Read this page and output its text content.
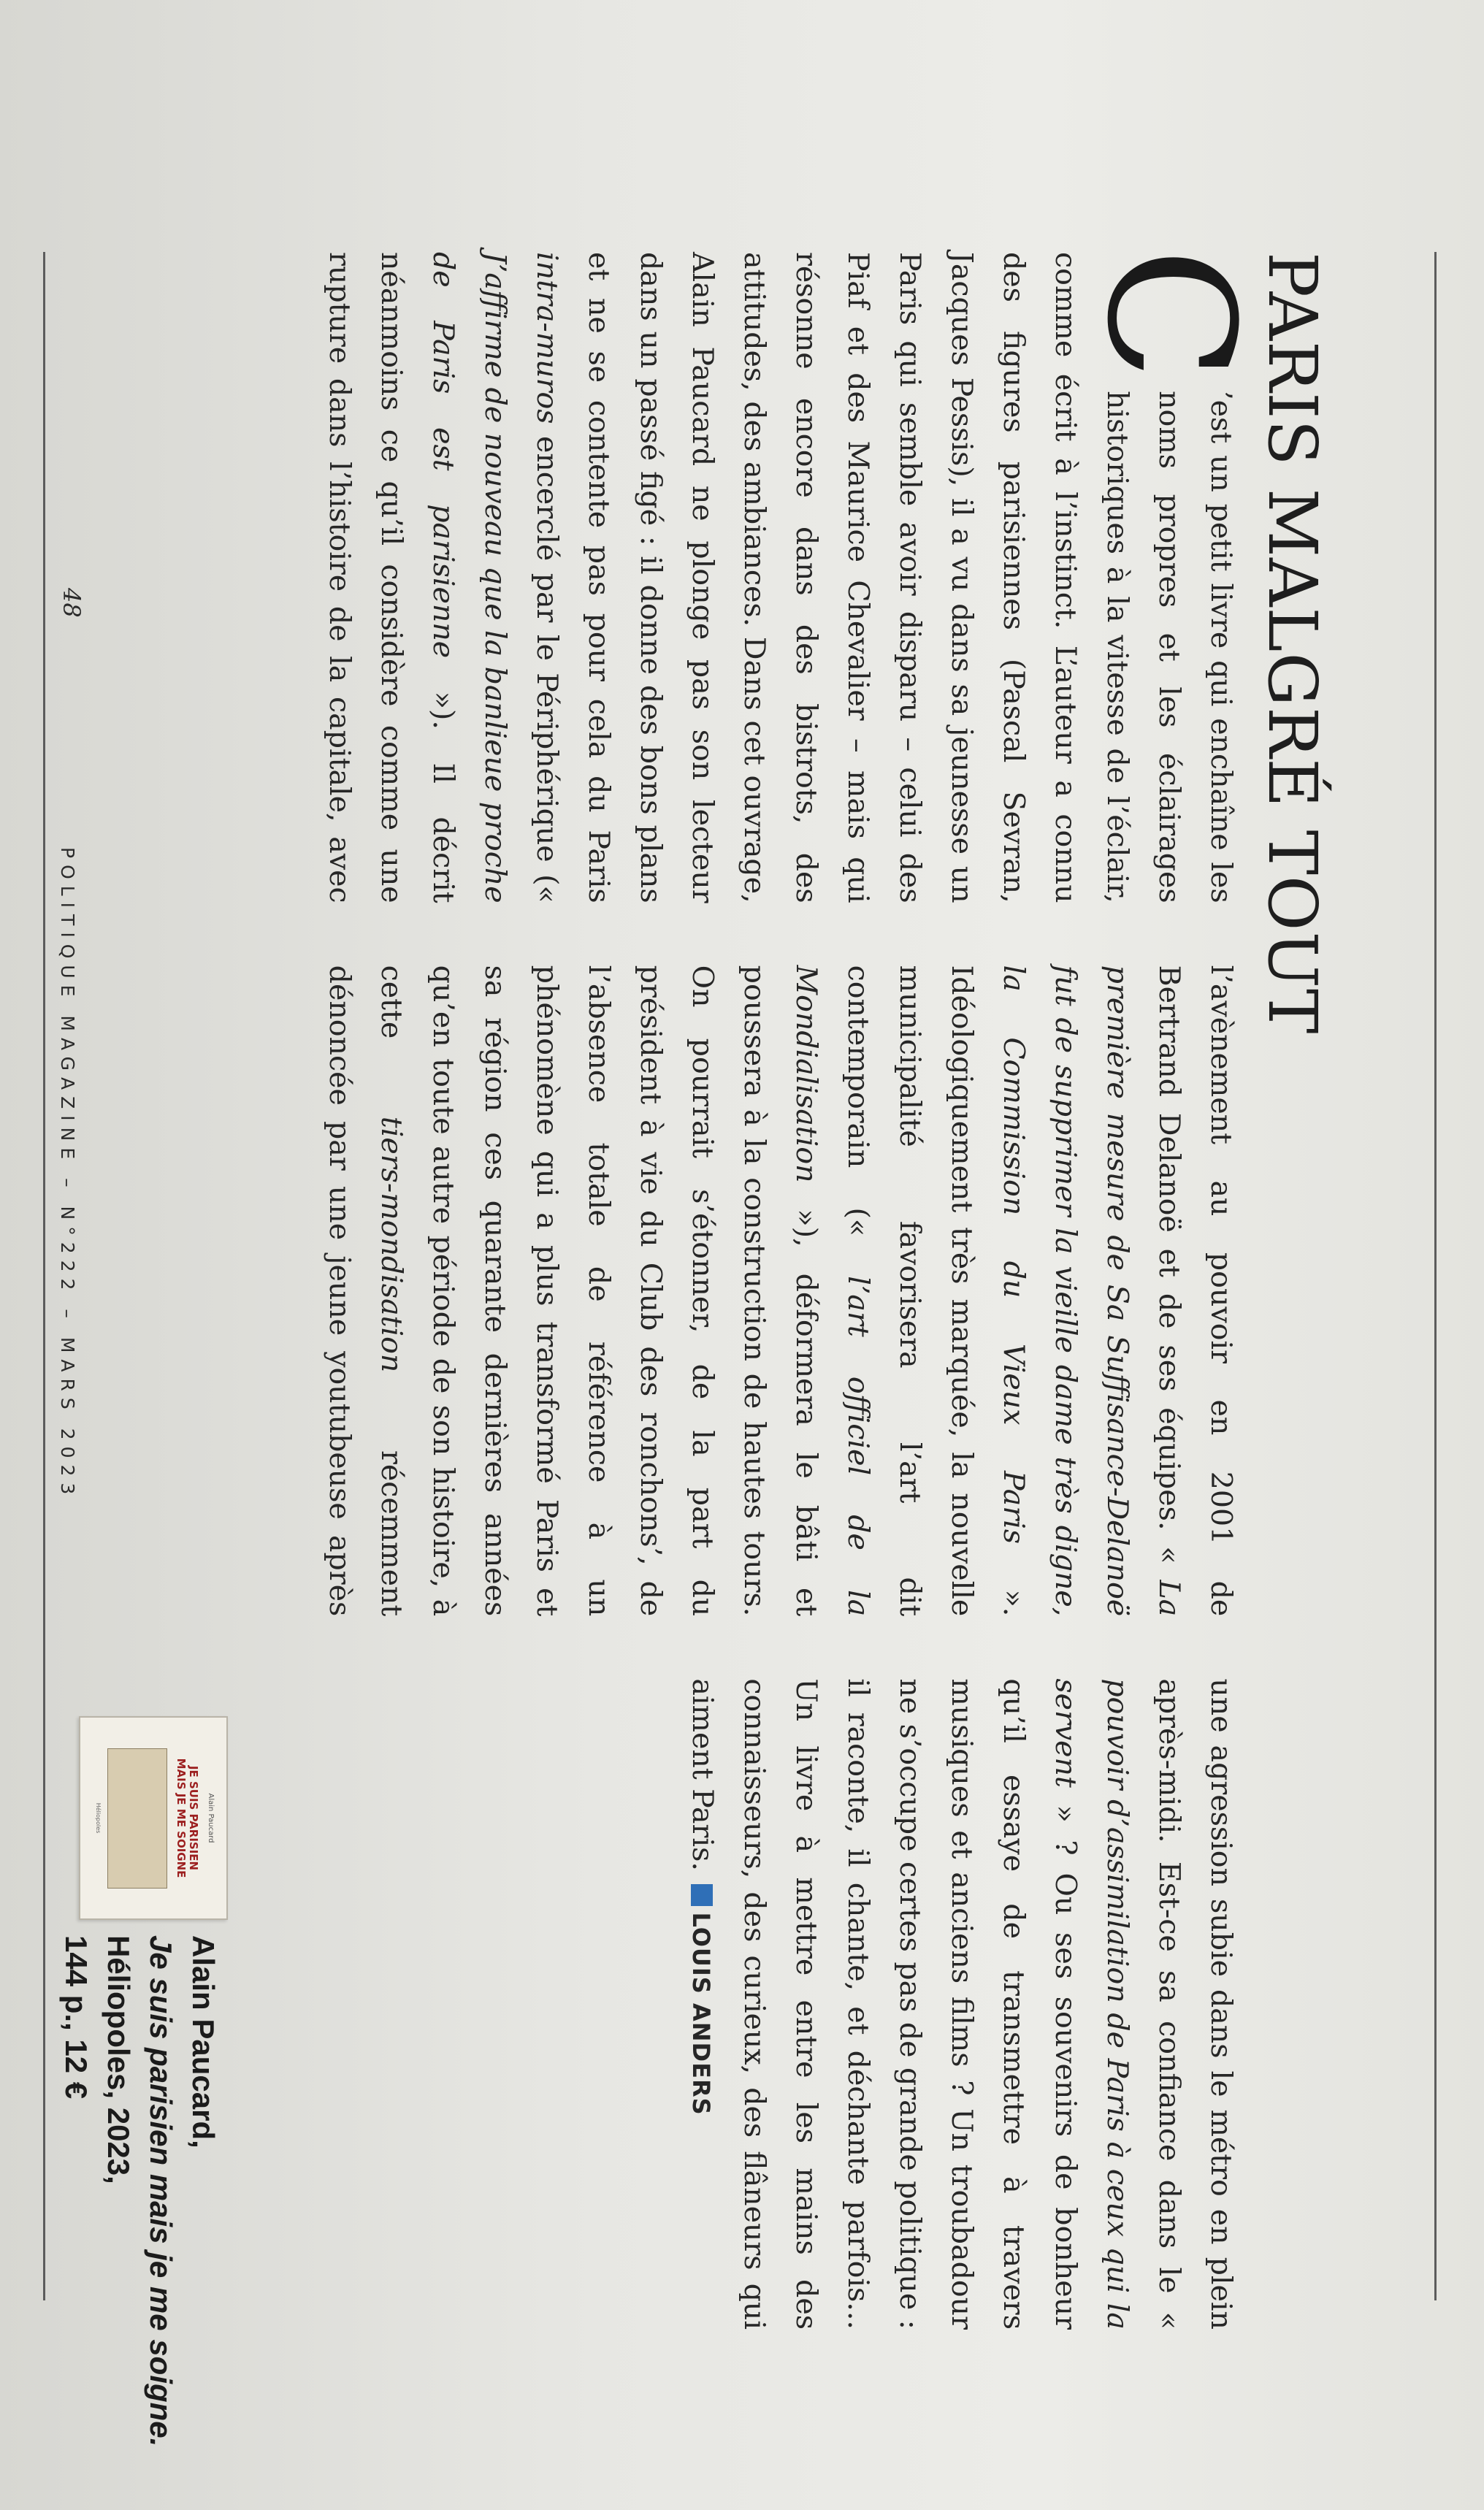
PARIS MALGRÉ TOUT

C
’est un petit livre qui enchaîne les noms propres et les éclairages historiques à la vitesse de l’éclair, comme écrit à l’instinct. L’auteur a connu des figures parisiennes (Pascal Sevran, Jacques Pessis), il a vu dans sa jeunesse un Paris qui semble avoir disparu – celui des Piaf et des Maurice Chevalier – mais qui résonne encore dans des bistrots, des attitudes, des ambiances. Dans cet ouvrage, Alain Paucard ne plonge pas son lecteur dans un passé figé : il donne des bons plans et ne se contente pas pour cela du Paris intra-muros encerclé par le Périphérique (« J’affirme de nouveau que la banlieue proche de Paris est parisienne »). Il décrit néanmoins ce qu’il considère comme une rupture dans l’histoire de la capitale, avec l’avènement au pouvoir en 2001 de Bertrand Delanoë et de ses équipes. « La première mesure de Sa Suffisance-Delanoë fut de supprimer la vieille dame très digne, la Commission du Vieux Paris ». Idéologiquement très marquée, la nouvelle municipalité favorisera l’art dit contemporain (« l’art officiel de la Mondialisation »), déformera le bâti et poussera à la construction de hautes tours. On pourrait s’étonner, de la part du président à vie du Club des ronchons’, de l’absence totale de référence à un phénomène qui a plus transformé Paris et sa région ces quarante dernières années qu’en toute autre période de son histoire, à cette tiers-mondisation récemment dénoncée par une jeune youtubeuse après une agression subie dans le métro en plein après-midi. Est-ce sa confiance dans le « pouvoir d’assimilation de Paris à ceux qui la servent » ? Ou ses souvenirs de bonheur qu’il essaye de transmettre à travers musiques et anciens films ? Un troubadour ne s’occupe certes pas de grande politique : il raconte, il chante, et déchante parfois... Un livre à mettre entre les mains des connaisseurs, des curieux, des flâneurs qui aiment Paris. LOUIS ANDERS

Alain Paucard
JE SUIS PARISIEN
MAIS JE ME SOIGNE
Héliopoles
Alain Paucard,
Je suis parisien mais je me soigne.
Héliopoles, 2023,
144 p., 12 €
48
POLITIQUE MAGAZINE – N°222 – MARS 2023
